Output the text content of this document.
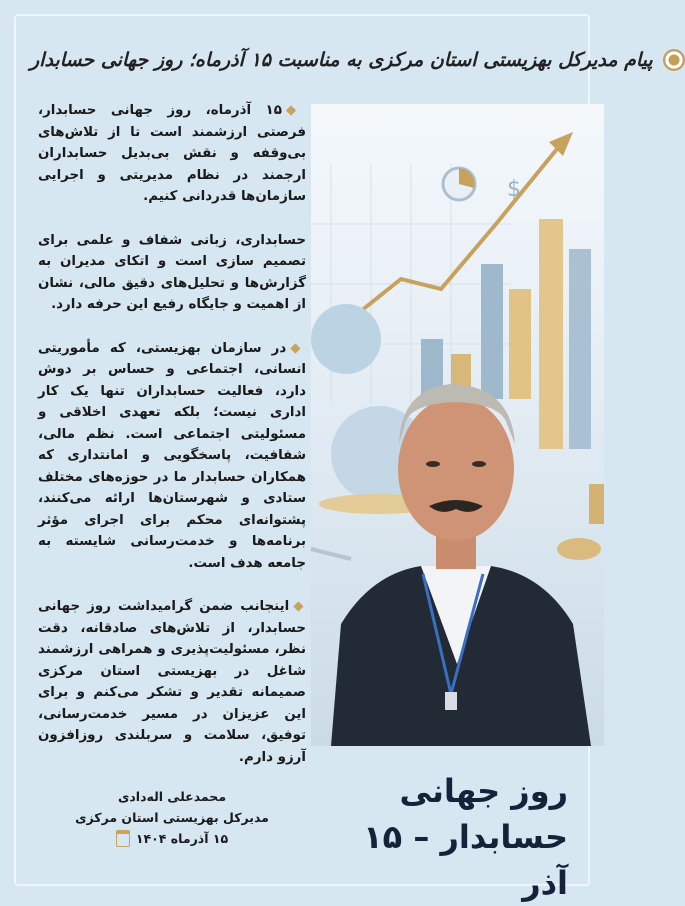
پیام مدیرکل بهزیستی استان مرکزی به مناسبت ۱۵ آذرماه؛ روز جهانی حسابدار

◆۱۵ آذرماه، روز جهانی حسابدار، فرصتی ارزشمند است تا از تلاش‌های بی‌وقفه و نقش بی‌بدیل حسابداران ارجمند در نظام مدیریتی و اجرایی سازمان‌ها قدردانی کنیم.

حسابداری، زبانی شفاف و علمی برای تصمیم سازی است و اتکای مدیران به گزارش‌ها و تحلیل‌های دقیق مالی، نشان از اهمیت و جایگاه رفیع این حرفه دارد.

◆در سازمان بهزیستی، که مأموریتی انسانی، اجتماعی و حساس بر دوش دارد، فعالیت حسابداران تنها یک کار اداری نیست؛ بلکه تعهدی اخلاقی و مسئولیتی اجتماعی است. نظم مالی، شفافیت، پاسخگویی و امانتداری که همکاران حسابدار ما در حوزه‌های مختلف ستادی و شهرستان‌ها ارائه می‌کنند، پشتوانه‌ای محکم برای اجرای مؤثر برنامه‌ها و خدمت‌رسانی شایسته به جامعه هدف است.

◆اینجانب ضمن گرامیداشت روز جهانی حسابدار، از تلاش‌های صادقانه، دقت نظر، مسئولیت‌پذیری و همراهی ارزشمند شاغل در بهزیستی استان مرکزی صمیمانه تقدیر و تشکر می‌کنم و برای این عزیزان در مسیر خدمت‌رسانی، توفیق، سلامت و سربلندی روزافزون آرزو دارم.

محمدعلی اله‌دادی
مدیرکل بهزیستی استان مرکزی
۱۵ آذرماه ۱۴۰۴
$
روز جهانی
حسابدار – ۱۵ آذر
